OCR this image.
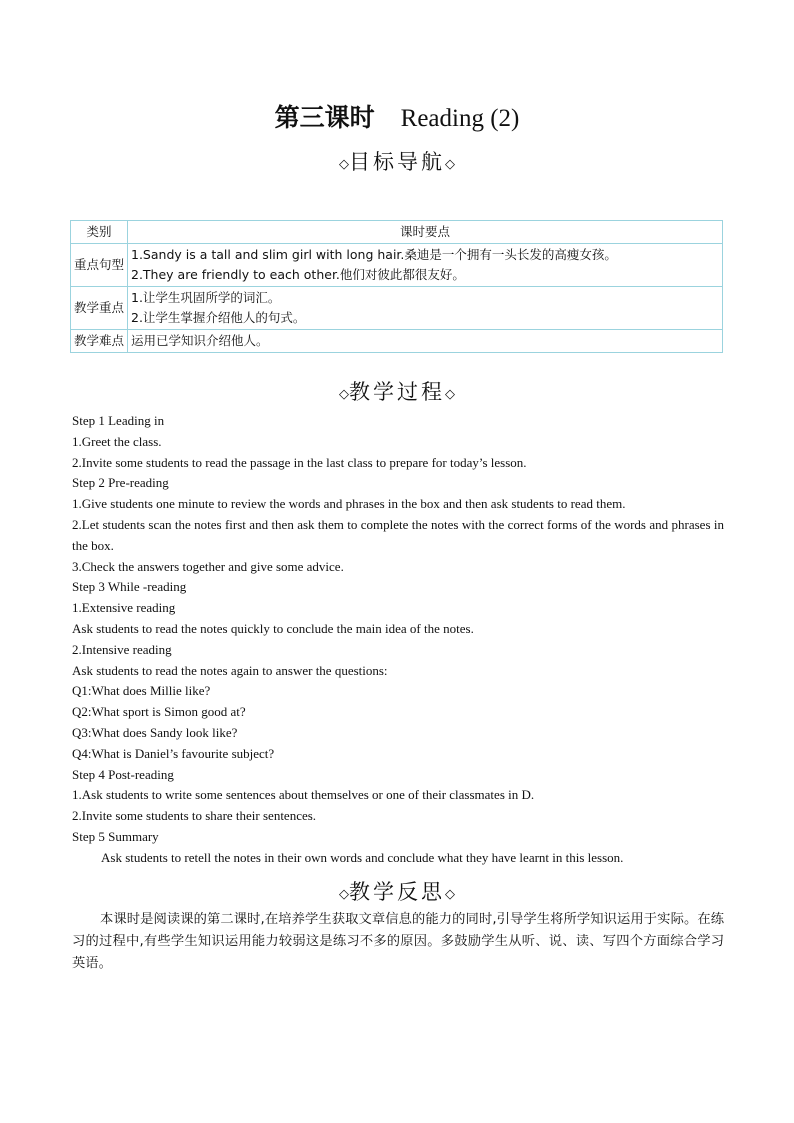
第三课时 Reading (2)
◇目标导航◇
类别	课时要点
重点句型	1.Sandy is a tall and slim girl with long hair.桑迪是一个拥有一头长发的高瘦女孩。
2.They are friendly to each other.他们对彼此都很友好。

教学重点	1.让学生巩固所学的词汇。
2.让学生掌握介绍他人的句式。

教学难点	运用已学知识介绍他人。
◇教学过程◇
Step 1 Leading in
1.Greet the class.
2.Invite some students to read the passage in the last class to prepare for today’s lesson.
Step 2 Pre-reading
1.Give students one minute to review the words and phrases in the box and then ask students to read them.
2.Let students scan the notes first and then ask them to complete the notes with the correct forms of the words and phrases in the box.
3.Check the answers together and give some advice.
Step 3 While -reading
1.Extensive reading
Ask students to read the notes quickly to conclude the main idea of the notes.
2.Intensive reading
Ask students to read the notes again to answer the questions:
Q1:What does Millie like?
Q2:What sport is Simon good at?
Q3:What does Sandy look like?
Q4:What is Daniel’s favourite subject?
Step 4 Post-reading
1.Ask students to write some sentences about themselves or one of their classmates in D.
2.Invite some students to share their sentences.
Step 5 Summary
Ask students to retell the notes in their own words and conclude what they have learnt in this lesson.
◇教学反思◇
本课时是阅读课的第二课时,在培养学生获取文章信息的能力的同时,引导学生将所学知识运用于实际。在练习的过程中,有些学生知识运用能力较弱这是练习不多的原因。多鼓励学生从听、说、读、写四个方面综合学习英语。
